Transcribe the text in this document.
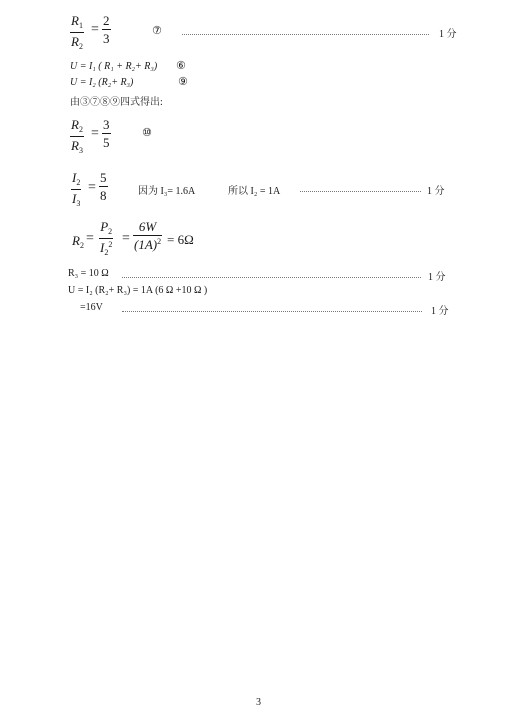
$R_1$
$R_2$
=
2
3
⑦	1 分
U = I₁ ( R₁ + R₂+ R₃) ⑥
U = I₂ (R₂+ R₃)	⑨
由③⑦⑧⑨四式得出:
$R_2$
$R_3$
=
3
5
⑩
$I_2$
$I_3$
=
5
8	因为 I₃= 1.6A	所以 I₂ = 1A	1 分
$R_2$ =
$P_2$
$I_2^2$ =
6W
$(1A)^2 = 6\Omega$
R₃ = 10 Ω	1 分
U = I₂ (R₂+ R₃) = 1A (6 Ω +10 Ω )
=16V	1 分
3
